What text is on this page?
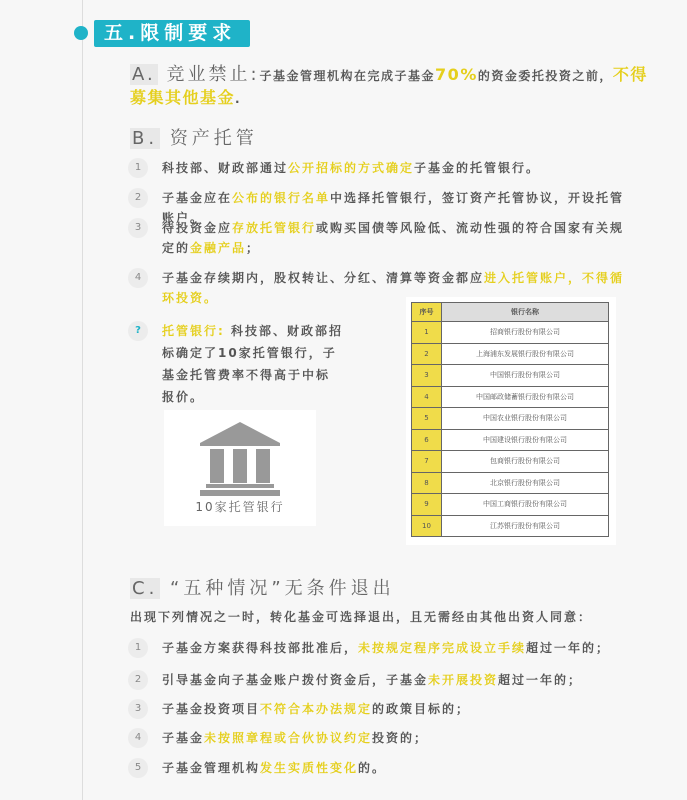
五.限制要求
A. 竞业禁止:子基金管理机构在完成子基金70%的资金委托投资之前，不得募集其他基金.
B. 资产托管
1	科技部、财政部通过公开招标的方式确定子基金的托管银行。
2	子基金应在公布的银行名单中选择托管银行，签订资产托管协议，开设托管账户。
3	待投资金应存放托管银行或购买国债等风险低、流动性强的符合国家有关规定的金融产品；
4	子基金存续期内，股权转让、分红、清算等资金都应进入托管账户，不得循环投资。
?	托管银行: 科技部、财政部招标确定了10家托管银行，子基金托管费率不得高于中标报价。
10家托管银行
序号	银行名称
1	招商银行股份有限公司
2	上海浦东发展银行股份有限公司
3	中国银行股份有限公司
4	中国邮政储蓄银行股份有限公司
5	中国农业银行股份有限公司
6	中国建设银行股份有限公司
7	包商银行股份有限公司
8	北京银行股份有限公司
9	中国工商银行股份有限公司
10	江苏银行股份有限公司
C. “五种情况”无条件退出
出现下列情况之一时，转化基金可选择退出，且无需经由其他出资人同意：
1	子基金方案获得科技部批准后，未按规定程序完成设立手续超过一年的；
2	引导基金向子基金账户拨付资金后，子基金未开展投资超过一年的；
3	子基金投资项目不符合本办法规定的政策目标的；
4	子基金未按照章程或合伙协议约定投资的；
5	子基金管理机构发生实质性变化的。
